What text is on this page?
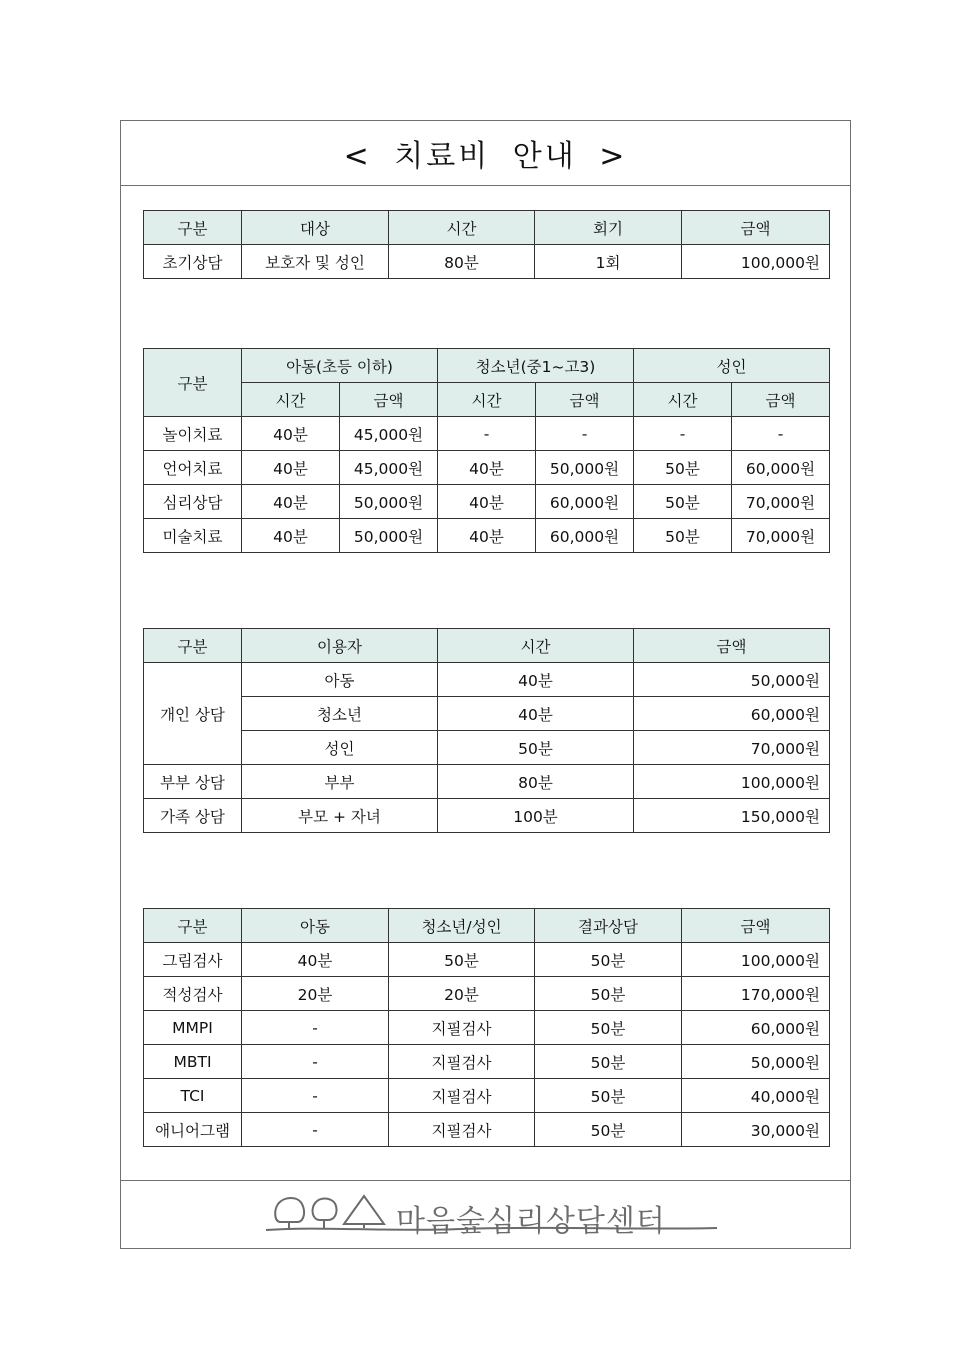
< 치료비 안내 >
구분	대상	시간	회기	금액
초기상담	보호자 및 성인	80분	1회	100,000원
구분	아동(초등 이하)		청소년(중1~고3)		성인	
	시간	금액	시간	금액	시간	금액
놀이치료	40분	45,000원	-	-	-	-
언어치료	40분	45,000원	40분	50,000원	50분	60,000원
심리상담	40분	50,000원	40분	60,000원	50분	70,000원
미술치료	40분	50,000원	40분	60,000원	50분	70,000원
구분	이용자	시간	금액
개인 상담	아동	40분	50,000원
	청소년	40분	60,000원
	성인	50분	70,000원
부부 상담	부부	80분	100,000원
가족 상담	부모 + 자녀	100분	150,000원
구분	아동	청소년/성인	결과상담	금액
그림검사	40분	50분	50분	100,000원
적성검사	20분	20분	50분	170,000원
MMPI	-	지필검사	50분	60,000원
MBTI	-	지필검사	50분	50,000원
TCI	-	지필검사	50분	40,000원
애니어그램	-	지필검사	50분	30,000원
마음숲심리상담센터
